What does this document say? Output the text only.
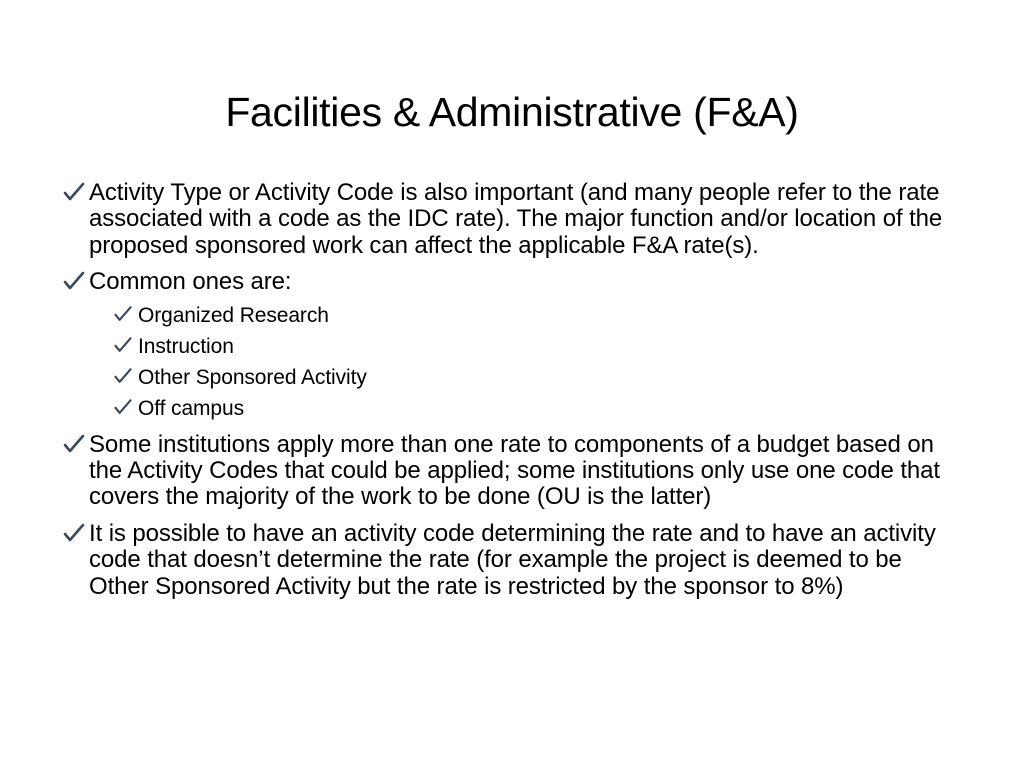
Facilities & Administrative (F&A)
Activity Type or Activity Code is also important (and many people refer to the rate associated with a code as the IDC rate). The major function and/or location of the proposed sponsored work can affect the applicable F&A rate(s).
Common ones are:
Organized Research
Instruction
Other Sponsored Activity
Off campus
Some institutions apply more than one rate to components of a budget based on the Activity Codes that could be applied; some institutions only use one code that covers the majority of the work to be done (OU is the latter)
It is possible to have an activity code determining the rate and to have an activity code that doesn’t determine the rate (for example the project is deemed to be Other Sponsored Activity but the rate is restricted by the sponsor to 8%)
